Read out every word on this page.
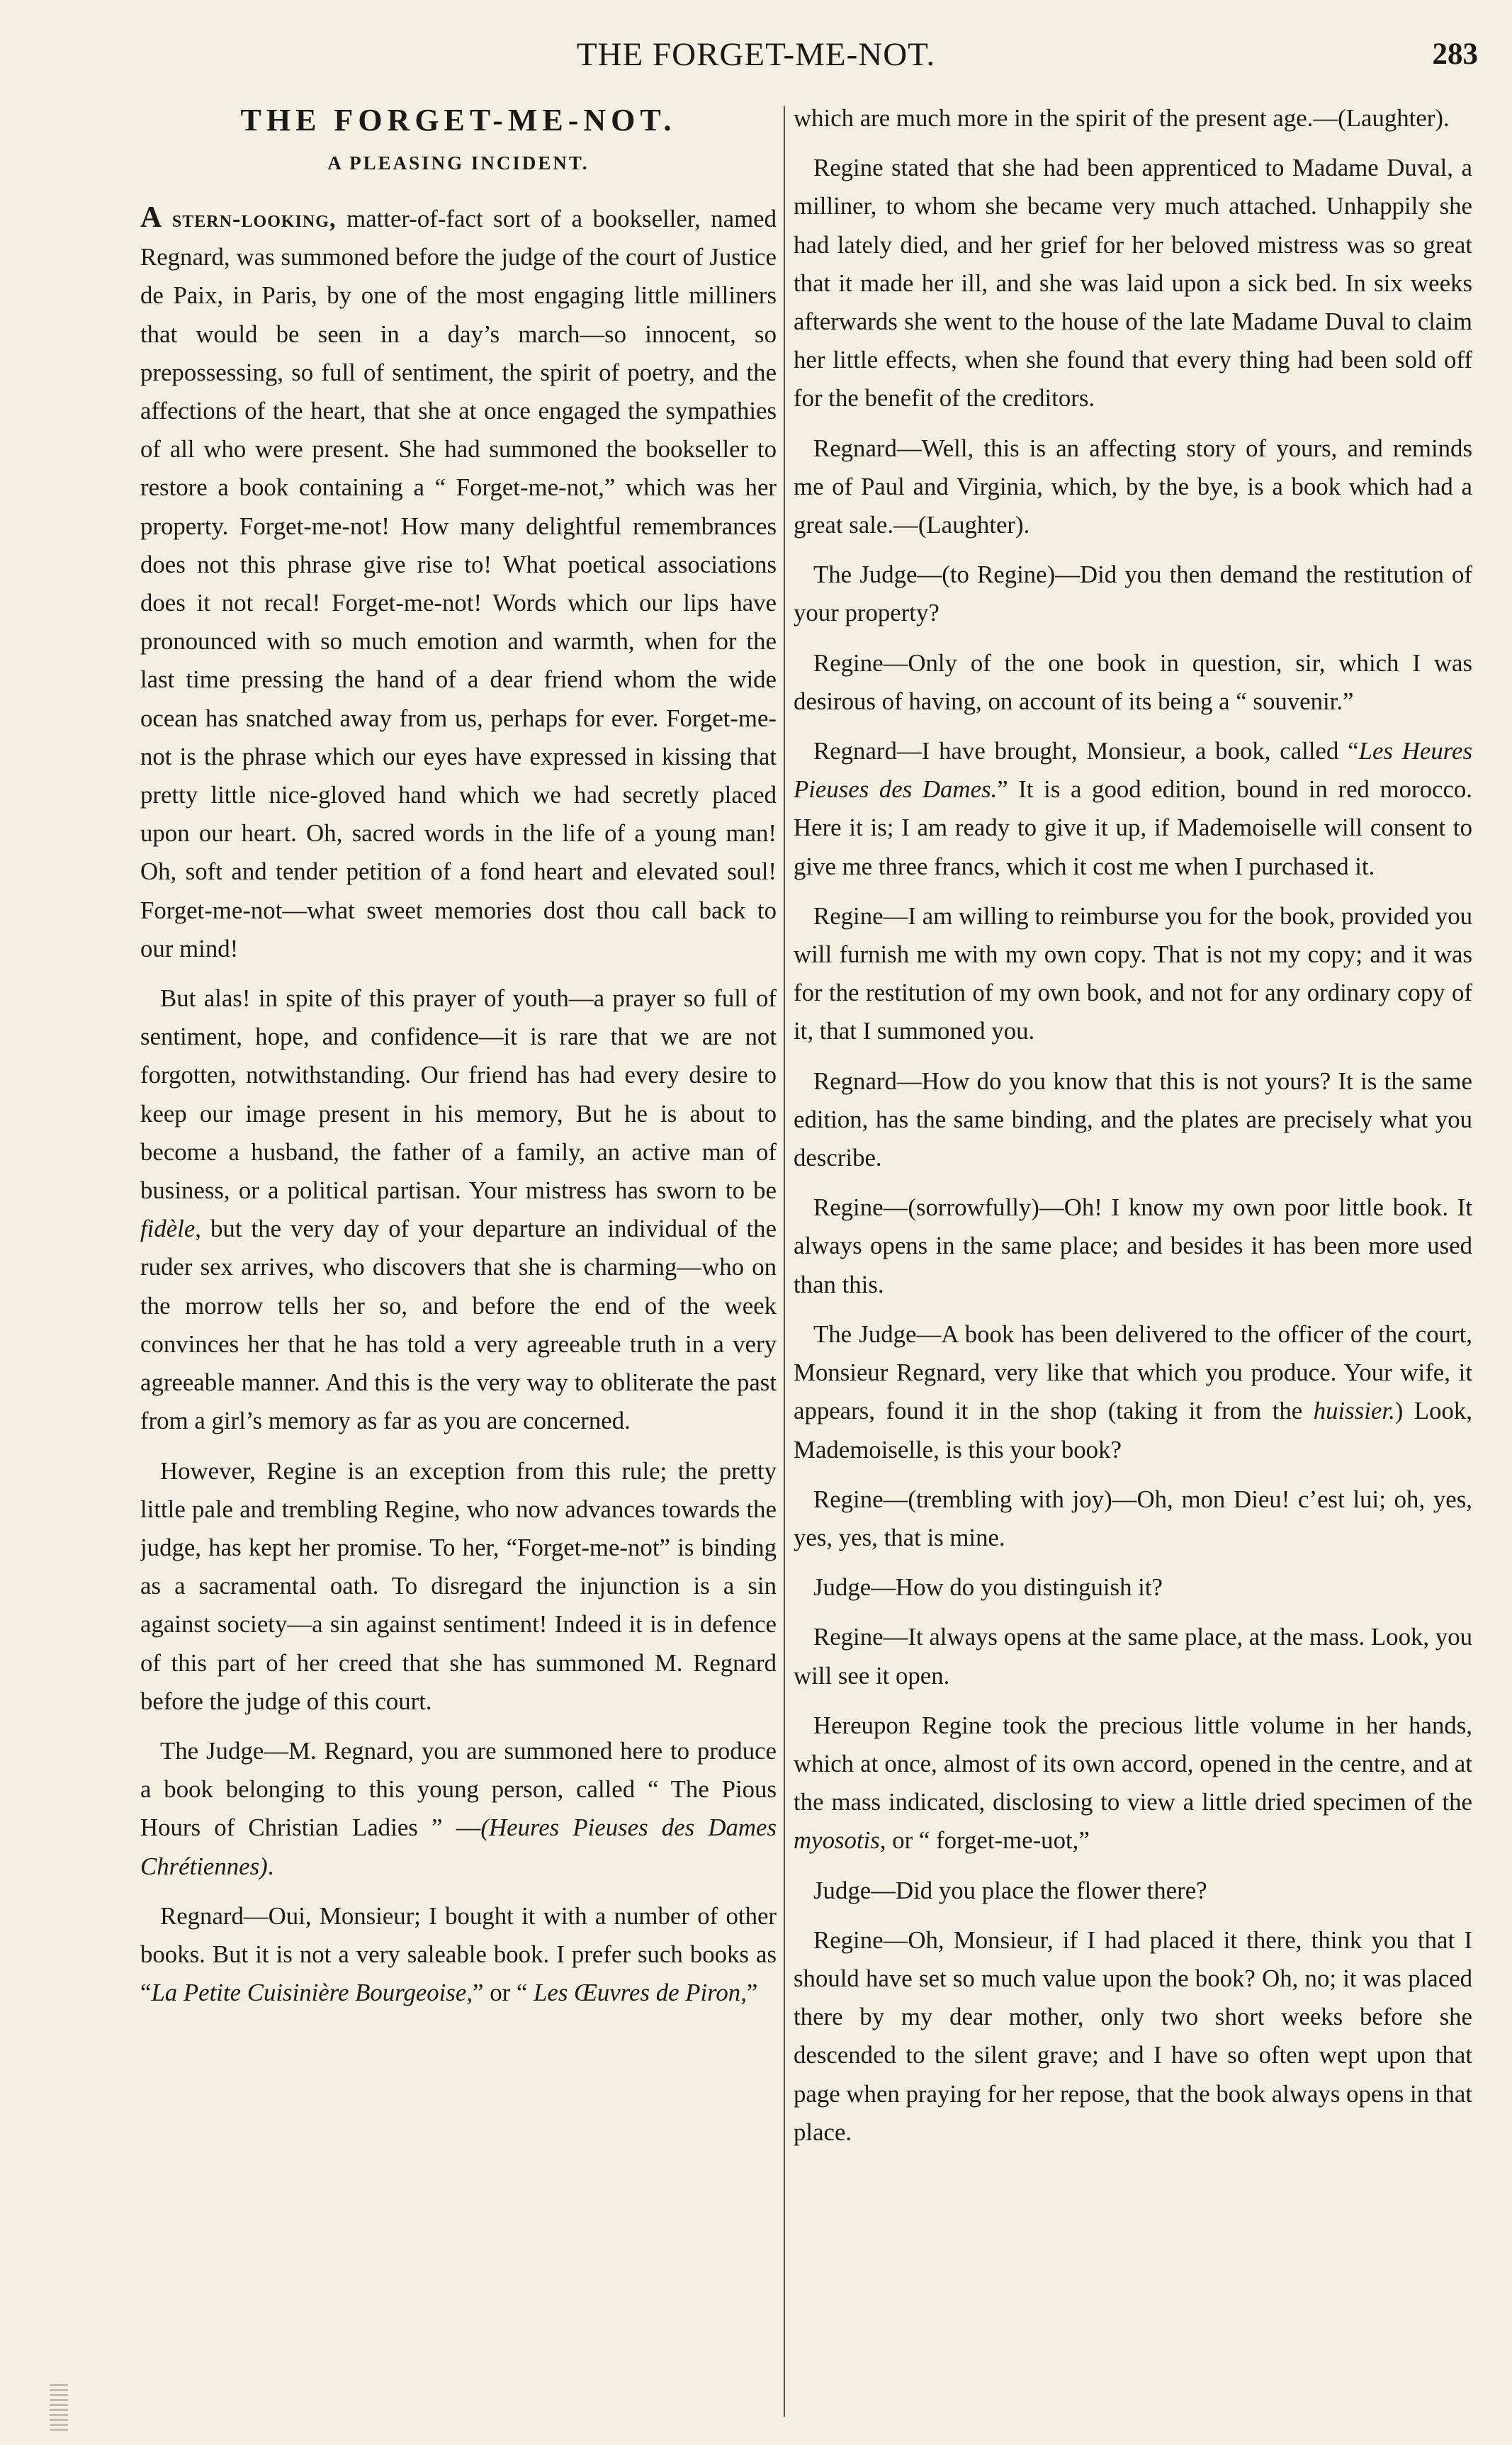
THE FORGET-ME-NOT.	283
THE FORGET-ME-NOT.
A PLEASING INCIDENT.

A stern-looking, matter-of-fact sort of a bookseller, named Regnard, was summoned before the judge of the court of Justice de Paix, in Paris, by one of the most engaging little milliners that would be seen in a day’s march—so innocent, so prepossessing, so full of sentiment, the spirit of poetry, and the affections of the heart, that she at once engaged the sympathies of all who were present. She had summoned the bookseller to restore a book containing a “ Forget-me-not,” which was her property. Forget-me-not! How many delightful remembrances does not this phrase give rise to! What poetical associations does it not recal! Forget-me-not! Words which our lips have pronounced with so much emotion and warmth, when for the last time pressing the hand of a dear friend whom the wide ocean has snatched away from us, perhaps for ever. Forget-me-not is the phrase which our eyes have expressed in kissing that pretty little nice-gloved hand which we had secretly placed upon our heart. Oh, sacred words in the life of a young man! Oh, soft and tender petition of a fond heart and elevated soul! Forget-me-not—what sweet memories dost thou call back to our mind!

But alas! in spite of this prayer of youth—a prayer so full of sentiment, hope, and confidence—it is rare that we are not forgotten, notwithstanding. Our friend has had every desire to keep our image present in his memory, But he is about to become a husband, the father of a family, an active man of business, or a political partisan. Your mistress has sworn to be fidèle, but the very day of your departure an individual of the ruder sex arrives, who discovers that she is charming—who on the morrow tells her so, and before the end of the week convinces her that he has told a very agreeable truth in a very agreeable manner. And this is the very way to obliterate the past from a girl’s memory as far as you are concerned.

However, Regine is an exception from this rule; the pretty little pale and trembling Regine, who now advances towards the judge, has kept her promise. To her, “Forget-me-not” is binding as a sacramental oath. To disregard the injunction is a sin against society—a sin against sentiment! Indeed it is in defence of this part of her creed that she has summoned M. Regnard before the judge of this court.

The Judge—M. Regnard, you are summoned here to produce a book belonging to this young person, called “ The Pious Hours of Christian Ladies ” —(Heures Pieuses des Dames Chrétiennes).

Regnard—Oui, Monsieur; I bought it with a number of other books. But it is not a very saleable book. I prefer such books as “La Petite Cuisinière Bourgeoise,” or “ Les Œuvres de Piron,”

which are much more in the spirit of the present age.—(Laughter).

Regine stated that she had been apprenticed to Madame Duval, a milliner, to whom she became very much attached. Unhappily she had lately died, and her grief for her beloved mistress was so great that it made her ill, and she was laid upon a sick bed. In six weeks afterwards she went to the house of the late Madame Duval to claim her little effects, when she found that every thing had been sold off for the benefit of the creditors.

Regnard—Well, this is an affecting story of yours, and reminds me of Paul and Virginia, which, by the bye, is a book which had a great sale.—(Laughter).

The Judge—(to Regine)—Did you then demand the restitution of your property?

Regine—Only of the one book in question, sir, which I was desirous of having, on account of its being a “ souvenir.”

Regnard—I have brought, Monsieur, a book, called “Les Heures Pieuses des Dames.” It is a good edition, bound in red morocco. Here it is; I am ready to give it up, if Mademoiselle will consent to give me three francs, which it cost me when I purchased it.

Regine—I am willing to reimburse you for the book, provided you will furnish me with my own copy. That is not my copy; and it was for the restitution of my own book, and not for any ordinary copy of it, that I summoned you.

Regnard—How do you know that this is not yours? It is the same edition, has the same binding, and the plates are precisely what you describe.

Regine—(sorrowfully)—Oh! I know my own poor little book. It always opens in the same place; and besides it has been more used than this.

The Judge—A book has been delivered to the officer of the court, Monsieur Regnard, very like that which you produce. Your wife, it appears, found it in the shop (taking it from the huissier.) Look, Mademoiselle, is this your book?

Regine—(trembling with joy)—Oh, mon Dieu! c’est lui; oh, yes, yes, yes, that is mine.

Judge—How do you distinguish it?

Regine—It always opens at the same place, at the mass. Look, you will see it open.

Hereupon Regine took the precious little volume in her hands, which at once, almost of its own accord, opened in the centre, and at the mass indicated, disclosing to view a little dried specimen of the myosotis, or “ forget-me-uot,”

Judge—Did you place the flower there?

Regine—Oh, Monsieur, if I had placed it there, think you that I should have set so much value upon the book? Oh, no; it was placed there by my dear mother, only two short weeks before she descended to the silent grave; and I have so often wept upon that page when praying for her repose, that the book always opens in that place.
